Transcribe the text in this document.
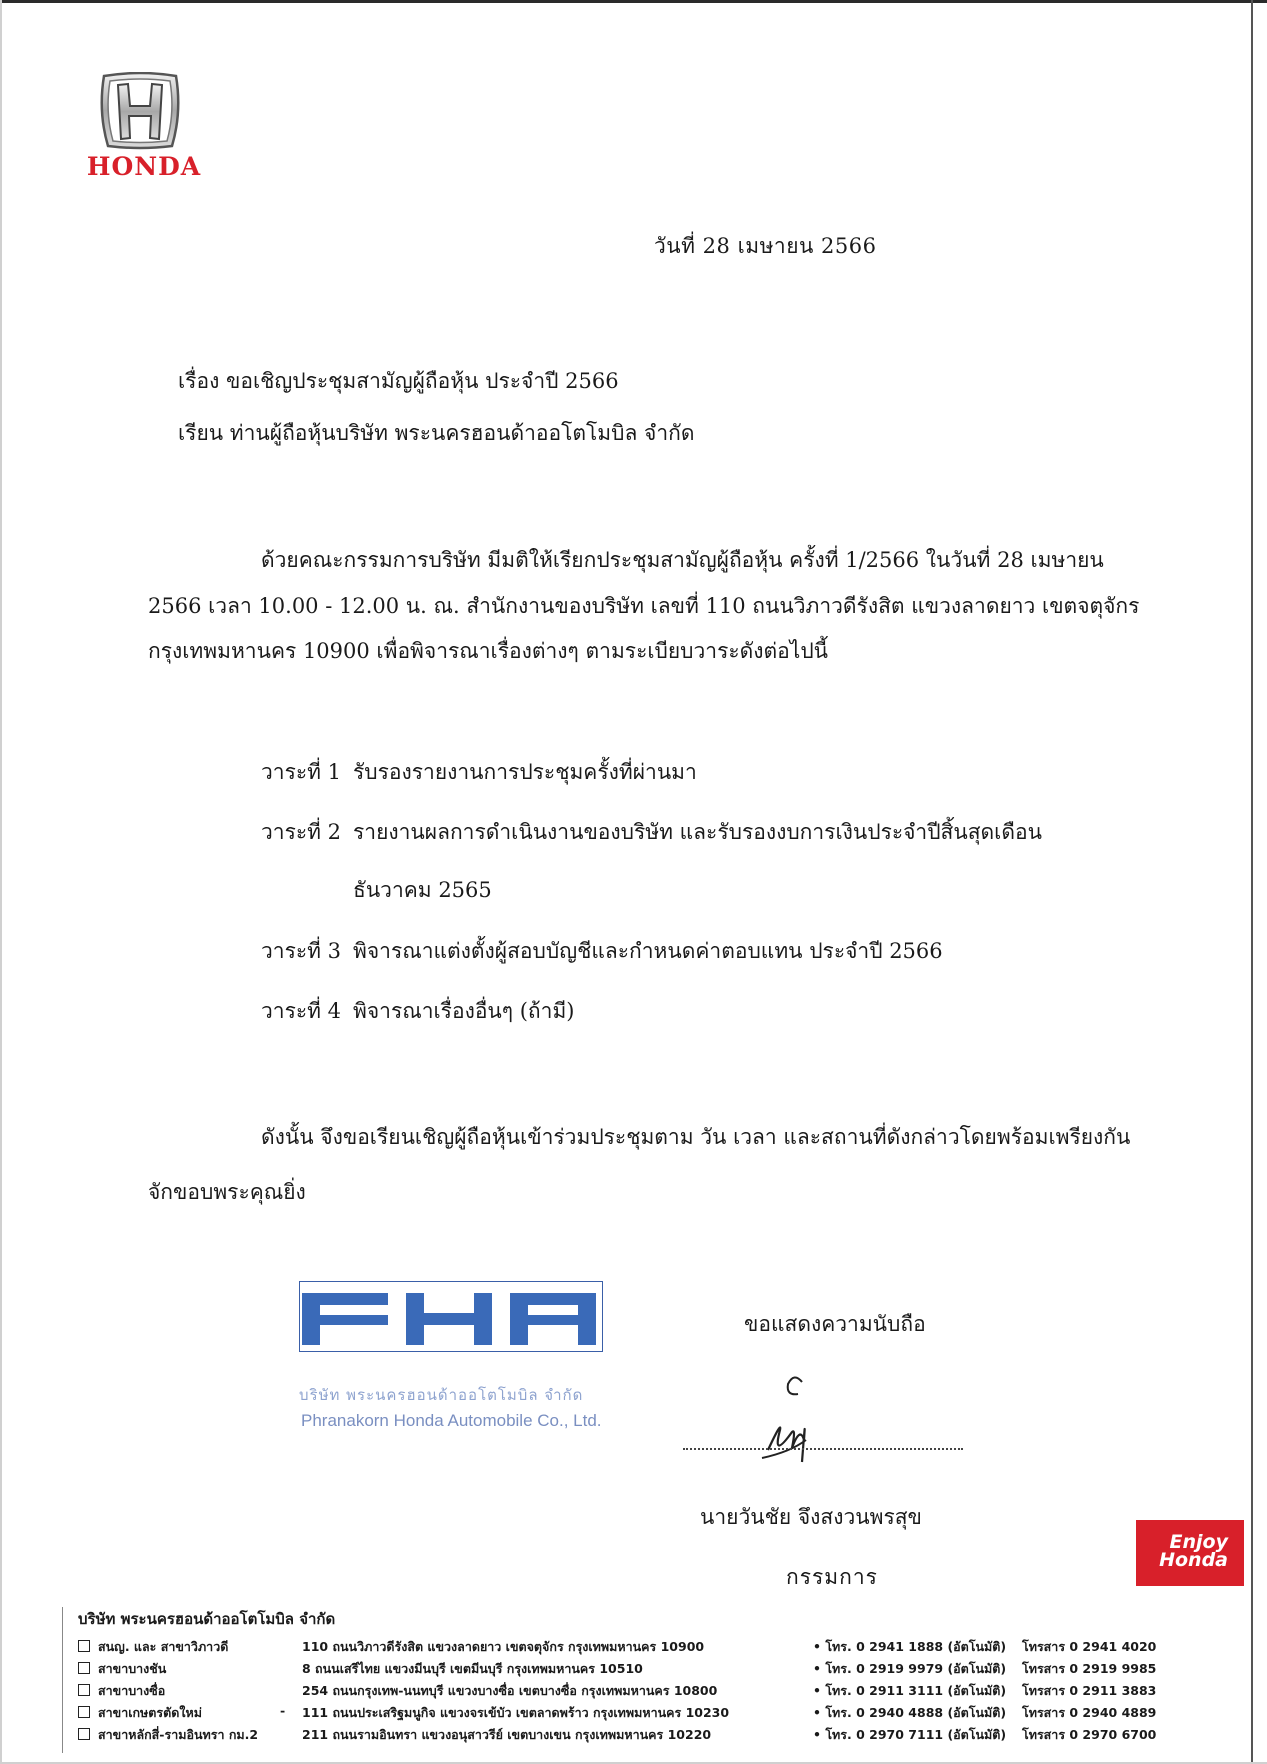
HONDA
วันที่ 28 เมษายน 2566
เรื่อง ขอเชิญประชุมสามัญผู้ถือหุ้น ประจำปี 2566
เรียน ท่านผู้ถือหุ้นบริษัท พระนครฮอนด้าออโตโมบิล จำกัด
ด้วยคณะกรรมการบริษัท มีมติให้เรียกประชุมสามัญผู้ถือหุ้น ครั้งที่ 1/2566 ในวันที่ 28 เมษายน
2566 เวลา 10.00 - 12.00 น. ณ. สำนักงานของบริษัท เลขที่ 110 ถนนวิภาวดีรังสิต แขวงลาดยาว เขตจตุจักร
กรุงเทพมหานคร 10900 เพื่อพิจารณาเรื่องต่างๆ ตามระเบียบวาระดังต่อไปนี้
วาระที่ 1 รับรองรายงานการประชุมครั้งที่ผ่านมา
วาระที่ 2 รายงานผลการดำเนินงานของบริษัท และรับรองงบการเงินประจำปีสิ้นสุดเดือน
ธันวาคม 2565
วาระที่ 3 พิจารณาแต่งตั้งผู้สอบบัญชีและกำหนดค่าตอบแทน ประจำปี 2566
วาระที่ 4 พิจารณาเรื่องอื่นๆ (ถ้ามี)
ดังนั้น จึงขอเรียนเชิญผู้ถือหุ้นเข้าร่วมประชุมตาม วัน เวลา และสถานที่ดังกล่าวโดยพร้อมเพรียงกัน
จักขอบพระคุณยิ่ง
บริษัท พระนครฮอนด้าออโตโมบิล จำกัด
Phranakorn Honda Automobile Co., Ltd.
ขอแสดงความนับถือ
นายวันชัย จึงสงวนพรสุข
กรรมการ
Enjoy
Honda
บริษัท พระนครฮอนด้าออโตโมบิล จำกัด
สนญ. และ สาขาวิภาวดี	110 ถนนวิภาวดีรังสิต แขวงลาดยาว เขตจตุจักร กรุงเทพมหานคร 10900	• โทร. 0 2941 1888 (อัตโนมัติ) โทรสาร 0 2941 4020
สาขาบางชัน	8 ถนนเสรีไทย แขวงมีนบุรี เขตมีนบุรี กรุงเทพมหานคร 10510	• โทร. 0 2919 9979 (อัตโนมัติ) โทรสาร 0 2919 9985
สาขาบางซื่อ	254 ถนนกรุงเทพ-นนทบุรี แขวงบางซื่อ เขตบางซื่อ กรุงเทพมหานคร 10800	• โทร. 0 2911 3111 (อัตโนมัติ) โทรสาร 0 2911 3883
สาขาเกษตรตัดใหม่	- 111 ถนนประเสริฐมนูกิจ แขวงจรเข้บัว เขตลาดพร้าว กรุงเทพมหานคร 10230	• โทร. 0 2940 4888 (อัตโนมัติ) โทรสาร 0 2940 4889
สาขาหลักสี่-รามอินทรา กม.2	211 ถนนรามอินทรา แขวงอนุสาวรีย์ เขตบางเขน กรุงเทพมหานคร 10220	• โทร. 0 2970 7111 (อัตโนมัติ) โทรสาร 0 2970 6700
